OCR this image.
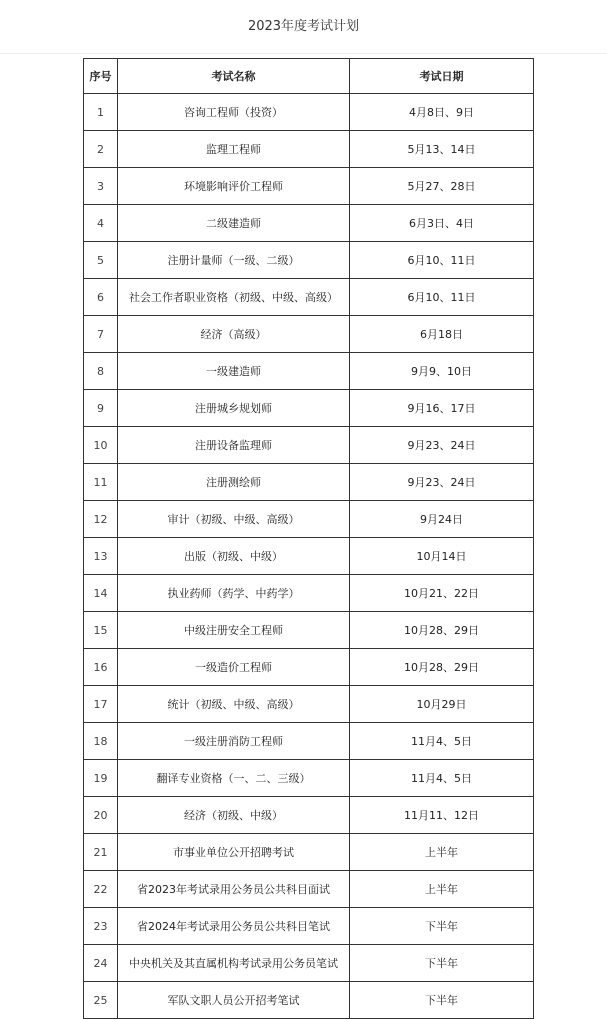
2023年度考试计划
序号	考试名称	考试日期
1	咨询工程师（投资）	4月8日、9日
2	监理工程师	5月13、14日
3	环境影响评价工程师	5月27、28日
4	二级建造师	6月3日、4日
5	注册计量师（一级、二级）	6月10、11日
6	社会工作者职业资格（初级、中级、高级）	6月10、11日
7	经济（高级）	6月18日
8	一级建造师	9月9、10日
9	注册城乡规划师	9月16、17日
10	注册设备监理师	9月23、24日
11	注册测绘师	9月23、24日
12	审计（初级、中级、高级）	9月24日
13	出版（初级、中级）	10月14日
14	执业药师（药学、中药学）	10月21、22日
15	中级注册安全工程师	10月28、29日
16	一级造价工程师	10月28、29日
17	统计（初级、中级、高级）	10月29日
18	一级注册消防工程师	11月4、5日
19	翻译专业资格（一、二、三级）	11月4、5日
20	经济（初级、中级）	11月11、12日
21	市事业单位公开招聘考试	上半年
22	省2023年考试录用公务员公共科目面试	上半年
23	省2024年考试录用公务员公共科目笔试	下半年
24	中央机关及其直属机构考试录用公务员笔试	下半年
25	军队文职人员公开招考笔试	下半年
